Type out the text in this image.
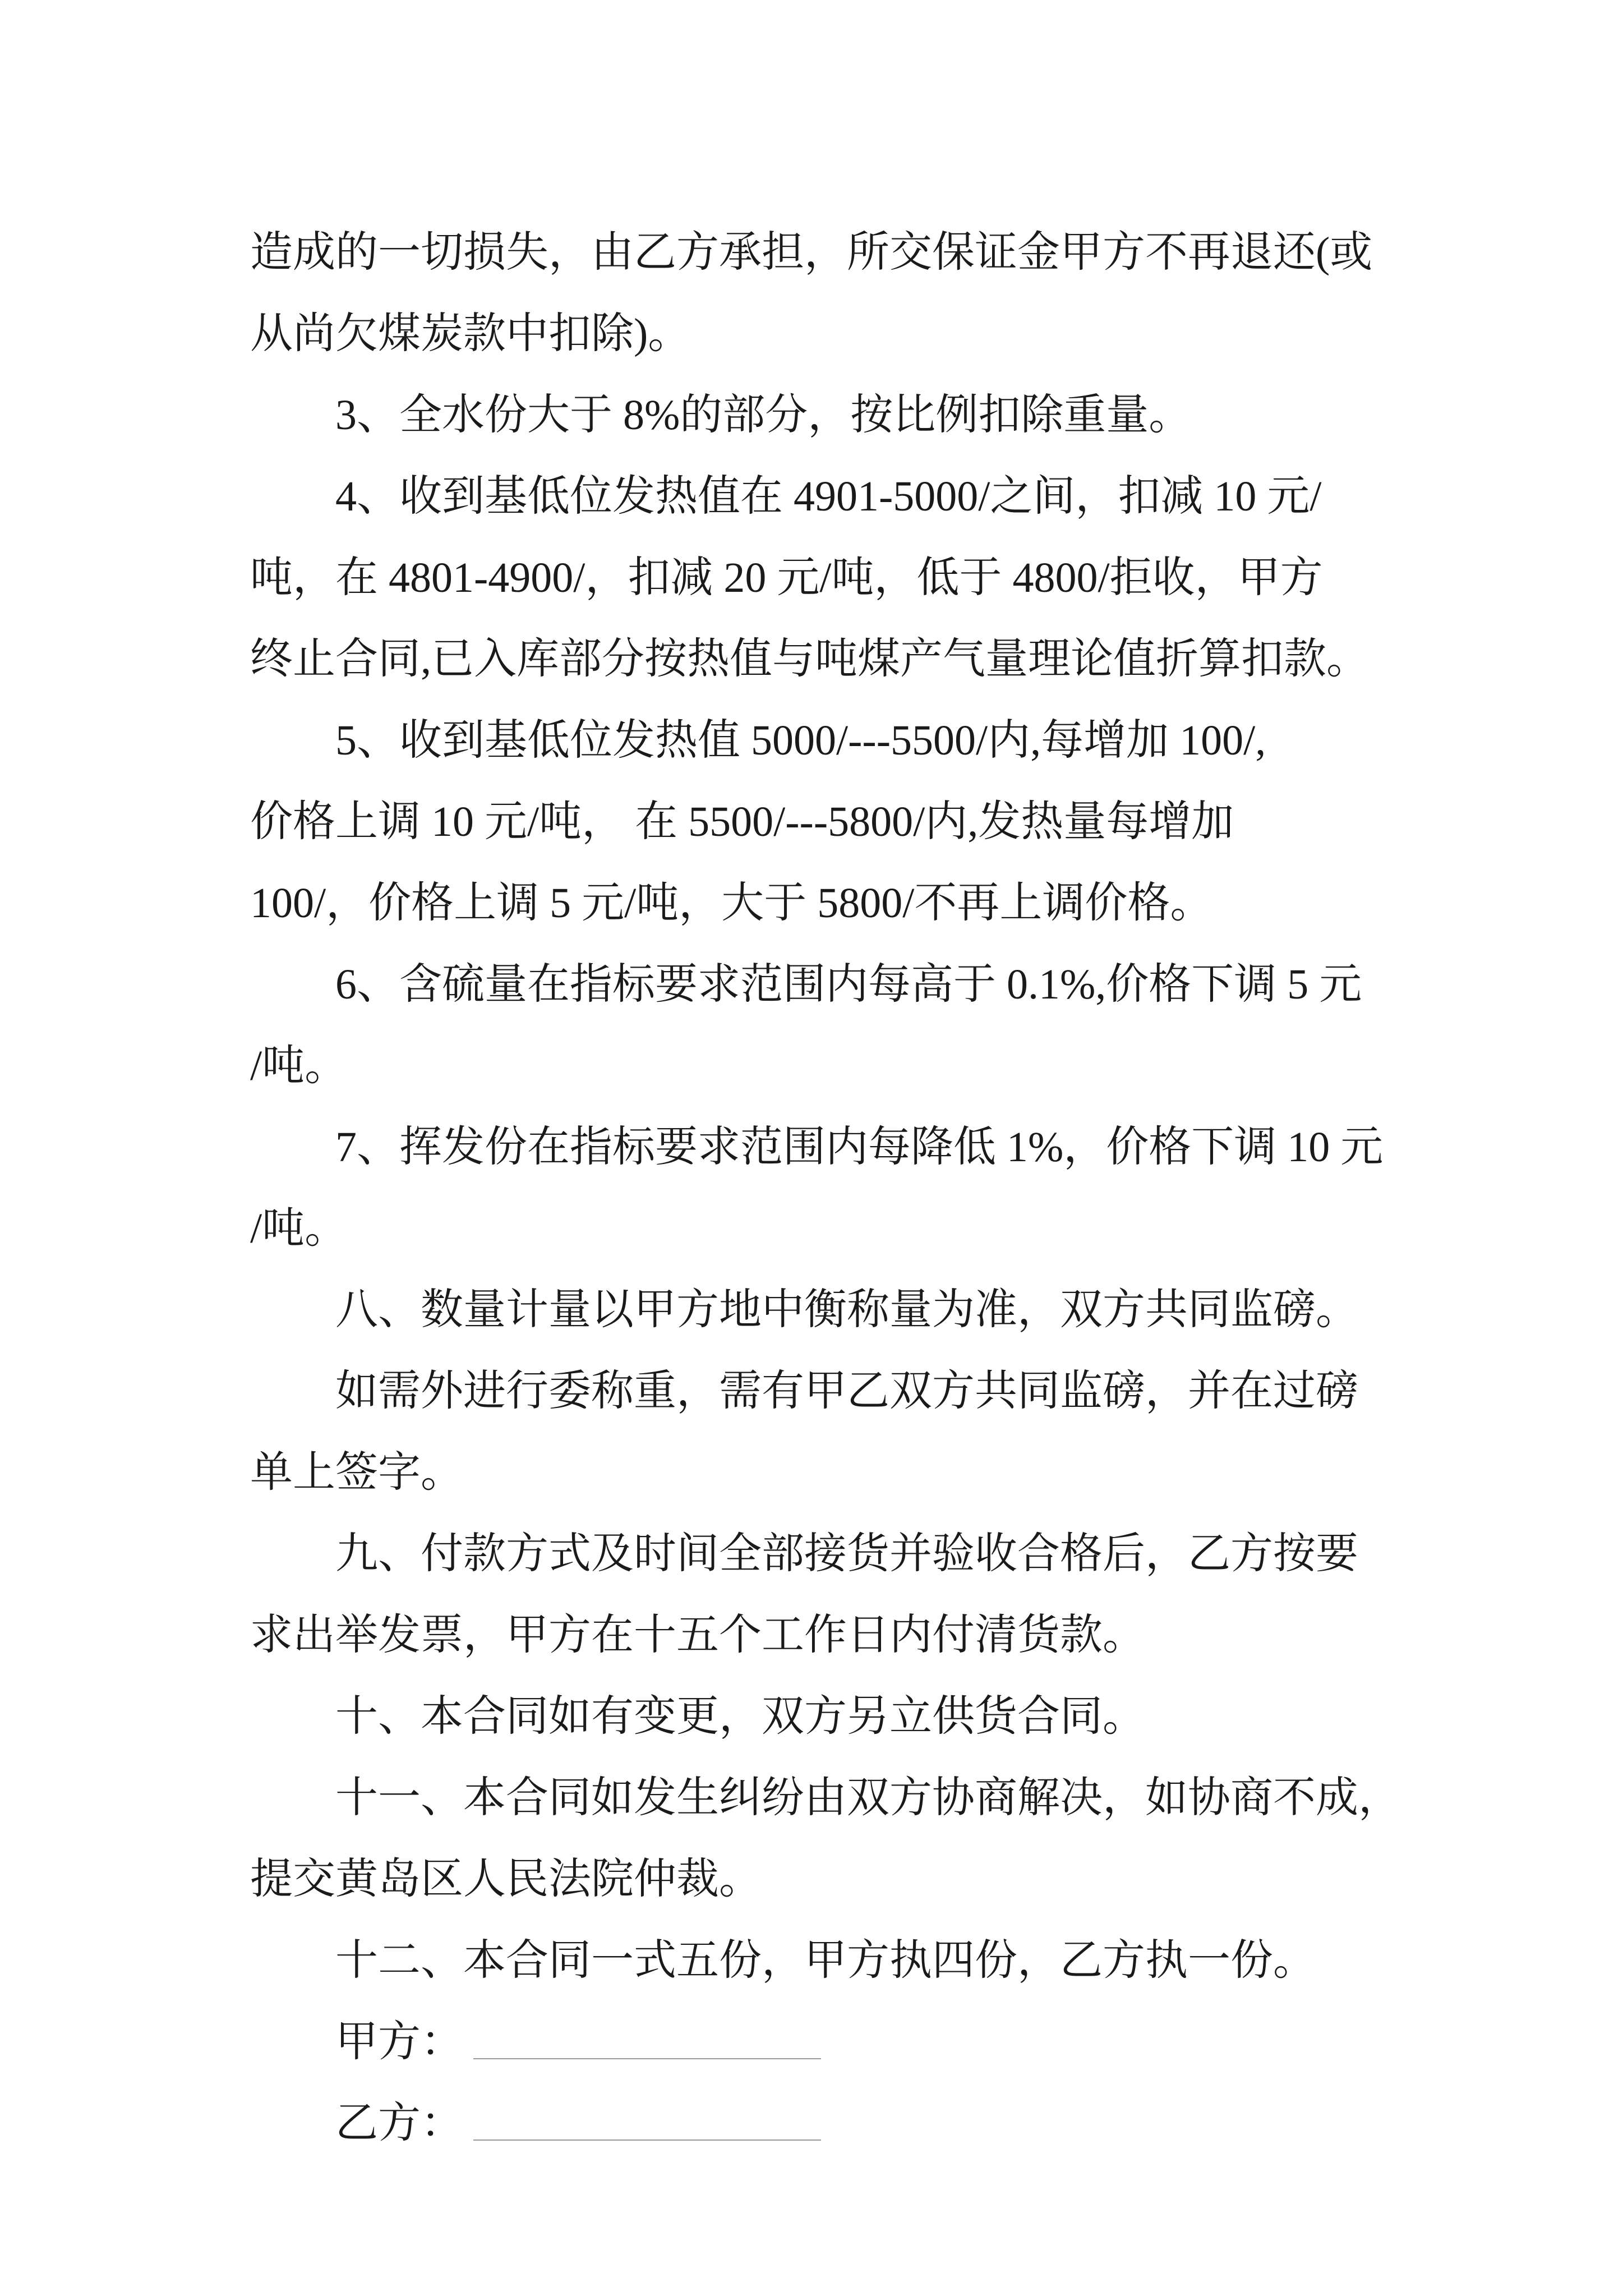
造成的一切损失，由乙方承担，所交保证金甲方不再退还(或
从尚欠煤炭款中扣除)。

3、全水份大于 8%的部分，按比例扣除重量。

4、收到基低位发热值在 4901-5000/之间，扣减 10 元/
吨，在 4801-4900/，扣减 20 元/吨，低于 4800/拒收，甲方
终止合同,已入库部分按热值与吨煤产气量理论值折算扣款。

5、收到基低位发热值 5000/---5500/内,每增加 100/,
价格上调 10 元/吨， 在 5500/---5800/内,发热量每增加
100/，价格上调 5 元/吨，大于 5800/不再上调价格。

6、含硫量在指标要求范围内每高于 0.1%,价格下调 5 元
/吨。

7、挥发份在指标要求范围内每降低 1%，价格下调 10 元
/吨。

八、数量计量以甲方地中衡称量为准，双方共同监磅。

如需外进行委称重，需有甲乙双方共同监磅，并在过磅
单上签字。

九、付款方式及时间全部接货并验收合格后，乙方按要
求出举发票，甲方在十五个工作日内付清货款。

十、本合同如有变更，双方另立供货合同。

十一、本合同如发生纠纷由双方协商解决，如协商不成，
提交黄岛区人民法院仲裁。

十二、本合同一式五份，甲方执四份，乙方执一份。

甲方：
乙方：
